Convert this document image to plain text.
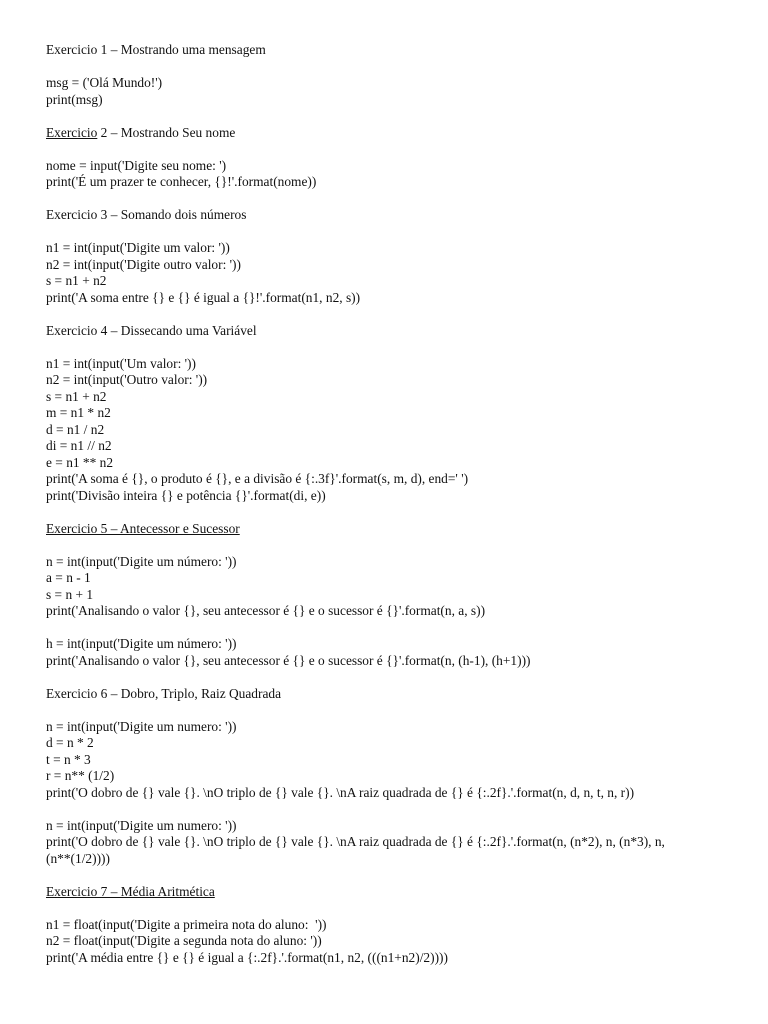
Exercicio 1 – Mostrando uma mensagem
msg = ('Olá Mundo!')
print(msg)
Exercicio 2 – Mostrando Seu nome
nome = input('Digite seu nome: ')
print('É um prazer te conhecer, {}!'.format(nome))
Exercicio 3 – Somando dois números
n1 = int(input('Digite um valor: '))
n2 = int(input('Digite outro valor: '))
s = n1 + n2
print('A soma entre {} e {} é igual a {}!'.format(n1, n2, s))
Exercicio 4 – Dissecando uma Variável
n1 = int(input('Um valor: '))
n2 = int(input('Outro valor: '))
s = n1 + n2
m = n1 * n2
d = n1 / n2
di = n1 // n2
e = n1 ** n2
print('A soma é {}, o produto é {}, e a divisão é {:.3f}'.format(s, m, d), end=' ')
print('Divisão inteira {} e potência {}'.format(di, e))
Exercicio 5 – Antecessor e Sucessor
n = int(input('Digite um número: '))
a = n - 1
s = n + 1
print('Analisando o valor {}, seu antecessor é {} e o sucessor é {}'.format(n, a, s))
h = int(input('Digite um número: '))
print('Analisando o valor {}, seu antecessor é {} e o sucessor é {}'.format(n, (h-1), (h+1)))
Exercicio 6 – Dobro, Triplo, Raiz Quadrada
n = int(input('Digite um numero: '))
d = n * 2
t = n * 3
r = n** (1/2)
print('O dobro de {} vale {}. \nO triplo de {} vale {}. \nA raiz quadrada de {} é {:.2f}.'.format(n, d, n, t, n, r))
n = int(input('Digite um numero: '))
print('O dobro de {} vale {}. \nO triplo de {} vale {}. \nA raiz quadrada de {} é {:.2f}.'.format(n, (n*2), n, (n*3), n,
(n**(1/2))))
Exercicio 7 – Média Aritmética
n1 = float(input('Digite a primeira nota do aluno:  '))
n2 = float(input('Digite a segunda nota do aluno: '))
print('A média entre {} e {} é igual a {:.2f}.'.format(n1, n2, (((n1+n2)/2))))
